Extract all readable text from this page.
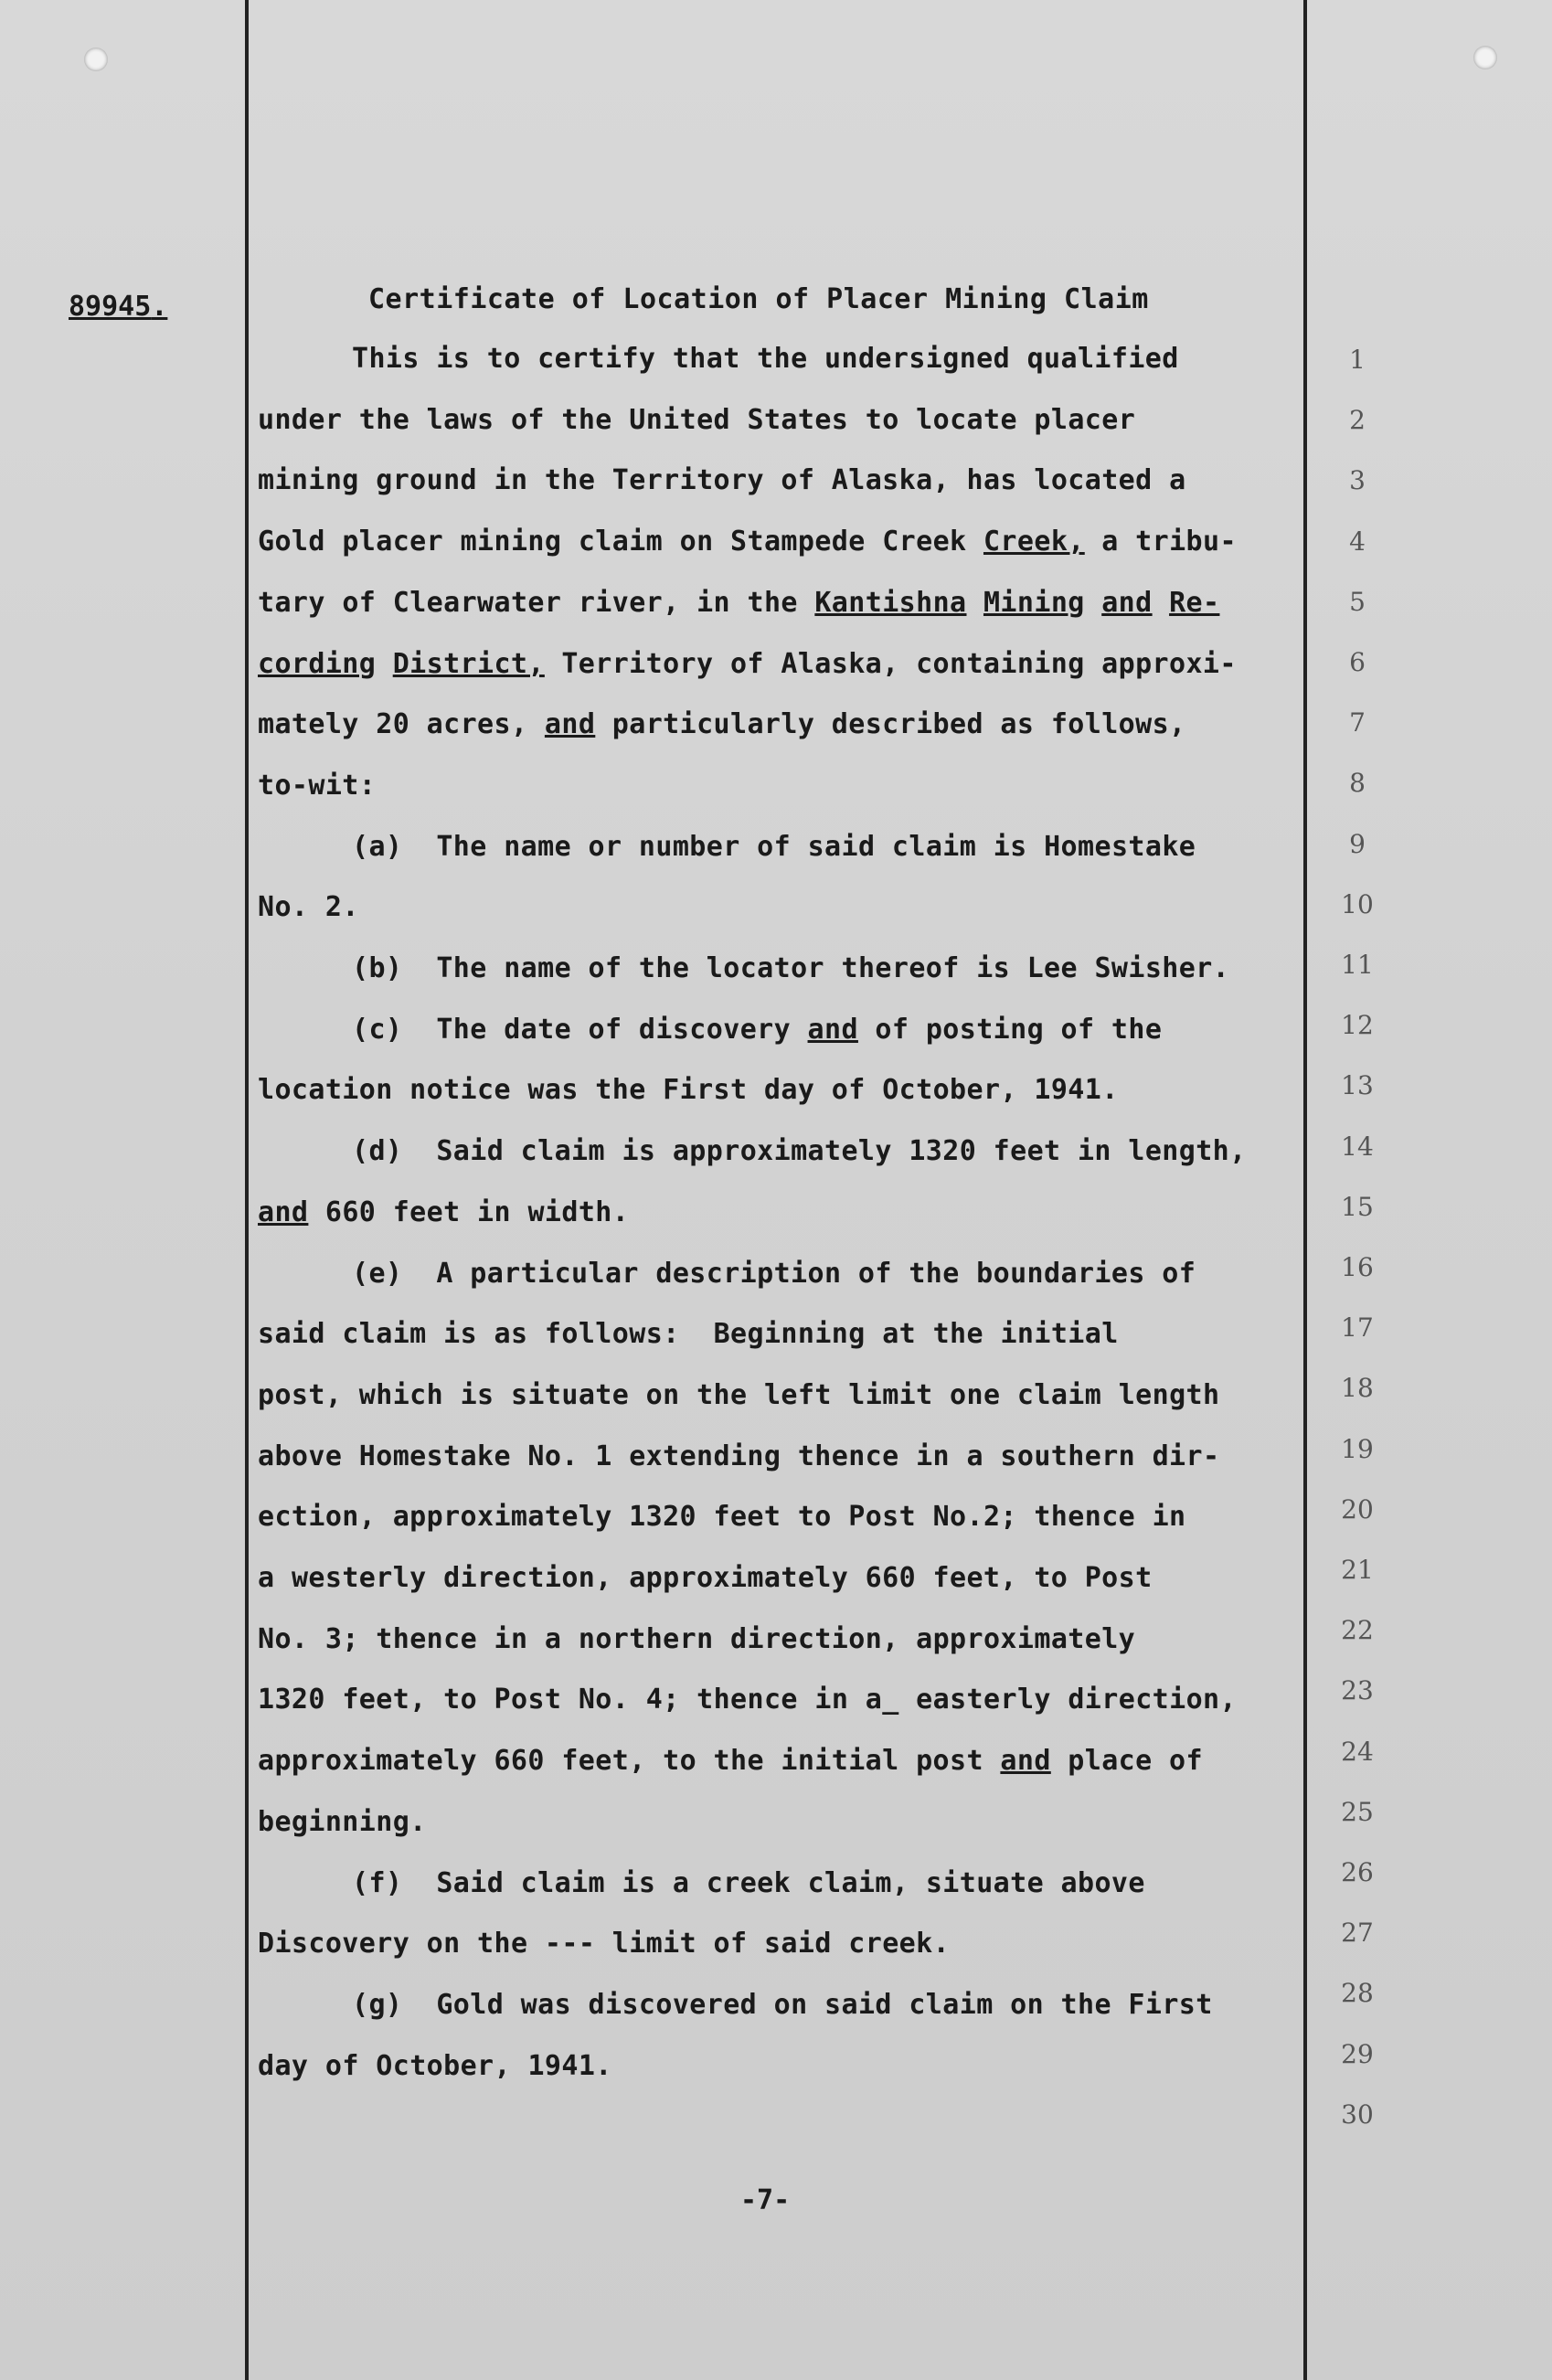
89945.	Certificate of Location of Placer Mining Claim
This is to certify that the undersigned qualified
under the laws of the United States to locate placer
mining ground in the Territory of Alaska, has located a
Gold placer mining claim on Stampede Creek Creek, a tribu-
tary of Clearwater river, in the Kantishna Mining and Re-
cording District, Territory of Alaska, containing approxi-
mately 20 acres, and particularly described as follows,
to-wit:
(a) The name or number of said claim is Homestake
No. 2.
(b) The name of the locator thereof is Lee Swisher.
(c) The date of discovery and of posting of the
location notice was the First day of October, 1941.
(d) Said claim is approximately 1320 feet in length,
and 660 feet in width.
(e) A particular description of the boundaries of
said claim is as follows: Beginning at the initial
post, which is situate on the left limit one claim length
above Homestake No. 1 extending thence in a southern dir-
ection, approximately 1320 feet to Post No.2; thence in
a westerly direction, approximately 660 feet, to Post
No. 3; thence in a northern direction, approximately
1320 feet, to Post No. 4; thence in a_ easterly direction,
approximately 660 feet, to the initial post and place of
beginning.
(f) Said claim is a creek claim, situate above
Discovery on the --- limit of said creek.
(g) Gold was discovered on said claim on the First
day of October, 1941.
1
2
3
4
5
6
7
8
9
10
11
12
13
14
15
16
17
18
19
20
21
22
23
24
25
26
27
28
29
30
-7-
